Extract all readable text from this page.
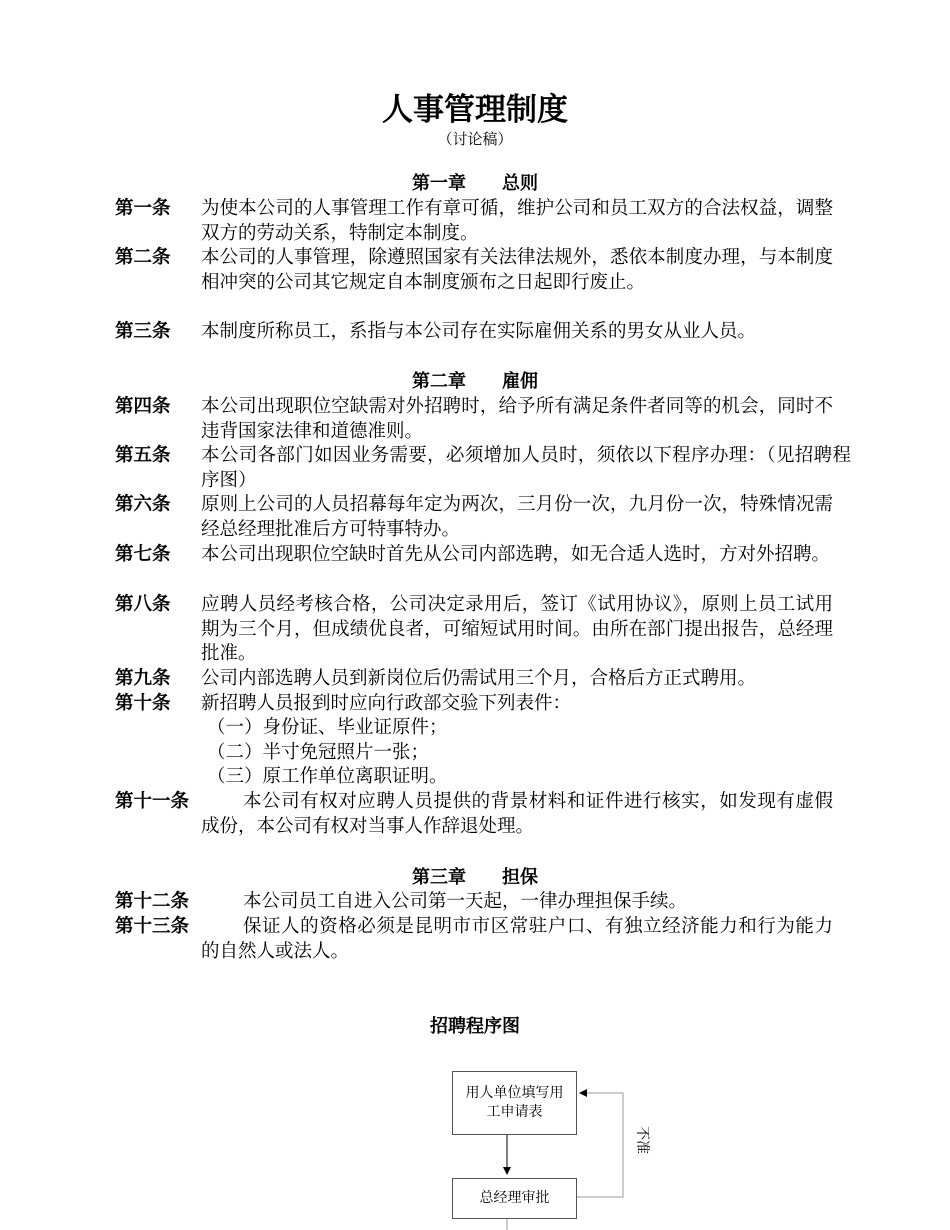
人事管理制度
（讨论稿）
第一章　　总则
第一条 为使本公司的人事管理工作有章可循，维护公司和员工双方的合法权益，调整双方的劳动关系，特制定本制度。
第二条 本公司的人事管理，除遵照国家有关法律法规外，悉依本制度办理，与本制度相冲突的公司其它规定自本制度颁布之日起即行废止。
第三条 本制度所称员工，系指与本公司存在实际雇佣关系的男女从业人员。
第二章　　雇佣
第四条 本公司出现职位空缺需对外招聘时，给予所有满足条件者同等的机会，同时不违背国家法律和道德准则。
第五条 本公司各部门如因业务需要，必须增加人员时，须依以下程序办理：（见招聘程序图）
第六条 原则上公司的人员招幕每年定为两次，三月份一次，九月份一次，特殊情况需经总经理批准后方可特事特办。
第七条 本公司出现职位空缺时首先从公司内部选聘，如无合适人选时，方对外招聘。
第八条 应聘人员经考核合格，公司决定录用后，签订《试用协议》，原则上员工试用期为三个月，但成绩优良者，可缩短试用时间。由所在部门提出报告，总经理批准。
第九条 公司内部选聘人员到新岗位后仍需试用三个月，合格后方正式聘用。
第十条 新招聘人员报到时应向行政部交验下列表件：
（一）身份证、毕业证原件；
（二）半寸免冠照片一张；
（三）原工作单位离职证明。
第十一条	本公司有权对应聘人员提供的背景材料和证件进行核实，如发现有虚假成份，本公司有权对当事人作辞退处理。
第三章　　担保
第十二条	本公司员工自进入公司第一天起，一律办理担保手续。
第十三条	保证人的资格必须是昆明市市区常驻户口、有独立经济能力和行为能力的自然人或法人。
招聘程序图
用人单位填写用工申请表
总经理审批
不准
